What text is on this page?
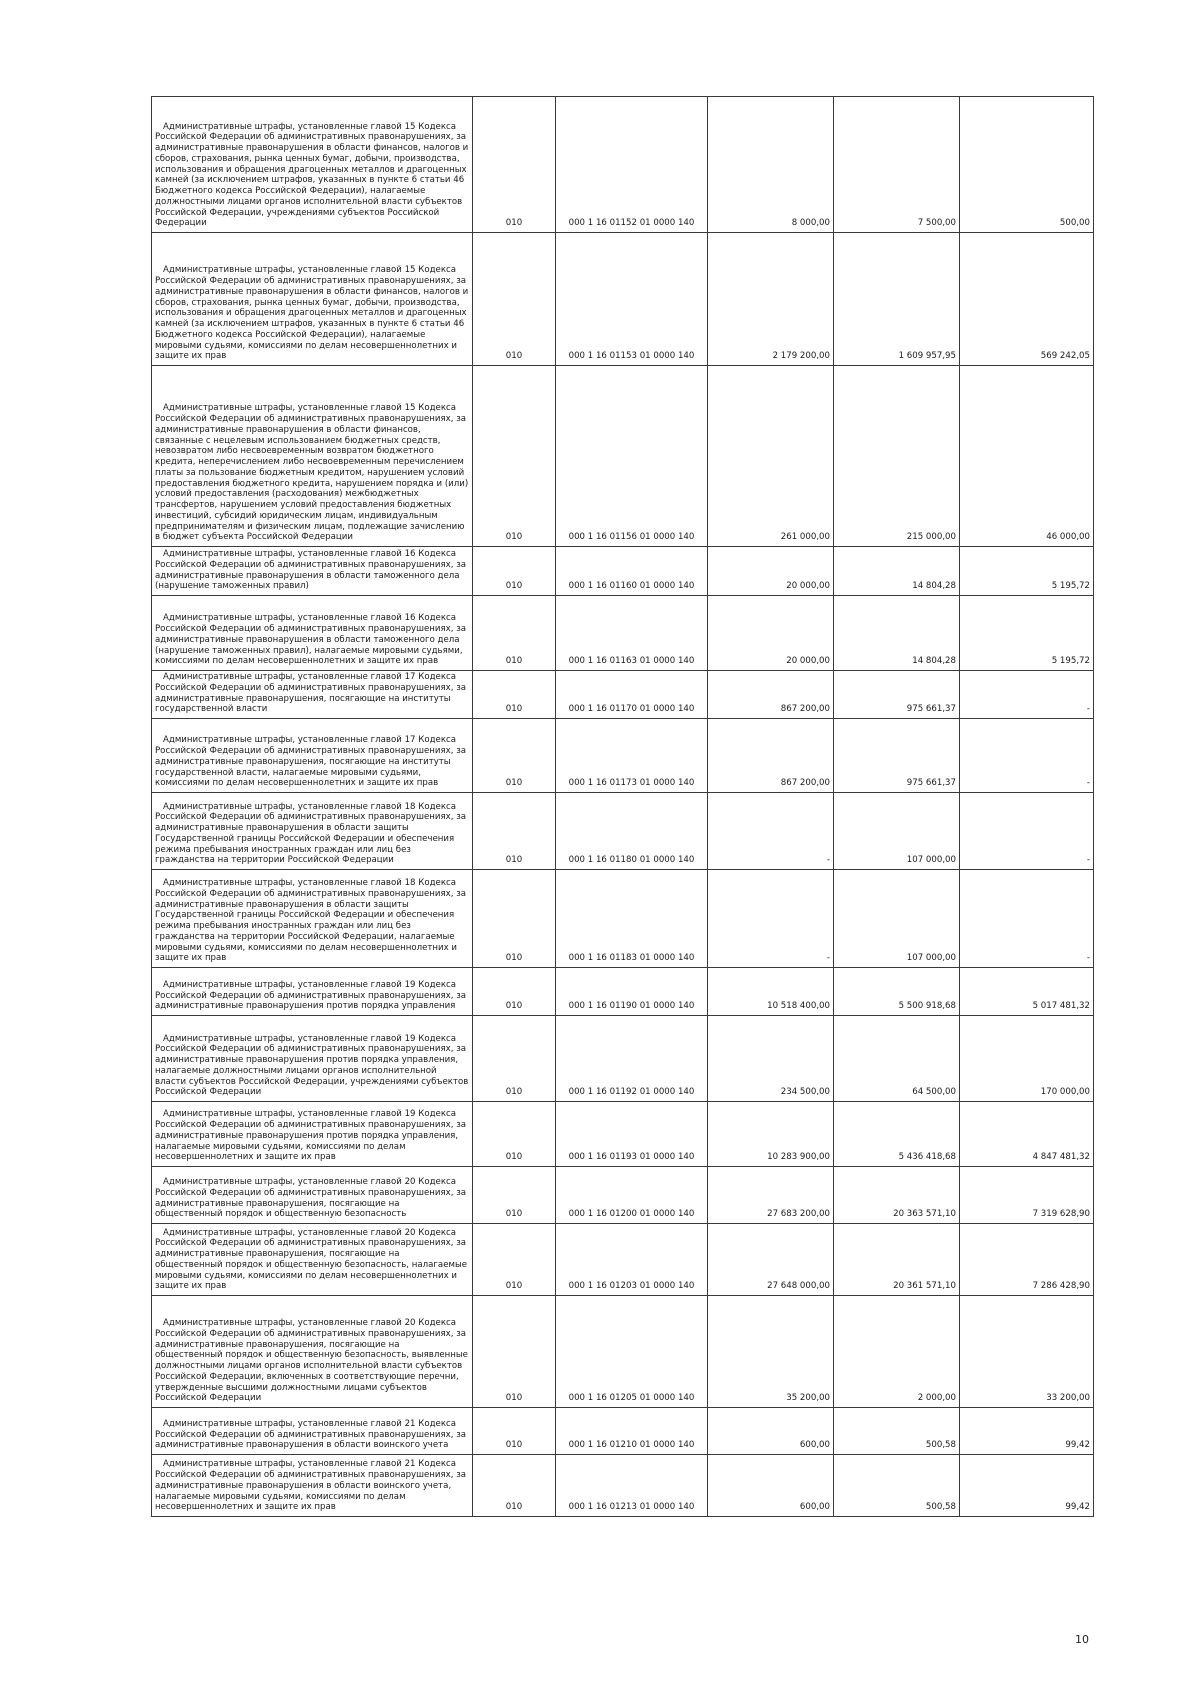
Административные штрафы, установленные главой 15 Кодекса Российской Федерации об административных правонарушениях, за административные правонарушения в области финансов, налогов и сборов, страхования, рынка ценных бумаг, добычи, производства, использования и обращения драгоценных металлов и драгоценных камней (за исключением штрафов, указанных в пункте 6 статьи 46 Бюджетного кодекса Российской Федерации), налагаемые должностными лицами органов исполнительной власти субъектов Российской Федерации, учреждениями субъектов Российской Федерации	010	000 1 16 01152 01 0000 140	8 000,00	7 500,00	500,00
Административные штрафы, установленные главой 15 Кодекса Российской Федерации об административных правонарушениях, за административные правонарушения в области финансов, налогов и сборов, страхования, рынка ценных бумаг, добычи, производства, использования и обращения драгоценных металлов и драгоценных камней (за исключением штрафов, указанных в пункте 6 статьи 46 Бюджетного кодекса Российской Федерации), налагаемые мировыми судьями, комиссиями по делам несовершеннолетних и защите их прав	010	000 1 16 01153 01 0000 140	2 179 200,00	1 609 957,95	569 242,05
Административные штрафы, установленные главой 15 Кодекса Российской Федерации об административных правонарушениях, за административные правонарушения в области финансов, связанные с нецелевым использованием бюджетных средств, невозвратом либо несвоевременным возвратом бюджетного кредита, неперечислением либо несвоевременным перечислением платы за пользование бюджетным кредитом, нарушением условий предоставления бюджетного кредита, нарушением порядка и (или) условий предоставления (расходования) межбюджетных трансфертов, нарушением условий предоставления бюджетных инвестиций, субсидий юридическим лицам, индивидуальным предпринимателям и физическим лицам, подлежащие зачислению в бюджет субъекта Российской Федерации	010	000 1 16 01156 01 0000 140	261 000,00	215 000,00	46 000,00
Административные штрафы, установленные главой 16 Кодекса Российской Федерации об административных правонарушениях, за административные правонарушения в области таможенного дела (нарушение таможенных правил)	010	000 1 16 01160 01 0000 140	20 000,00	14 804,28	5 195,72
Административные штрафы, установленные главой 16 Кодекса Российской Федерации об административных правонарушениях, за административные правонарушения в области таможенного дела (нарушение таможенных правил), налагаемые мировыми судьями, комиссиями по делам несовершеннолетних и защите их прав	010	000 1 16 01163 01 0000 140	20 000,00	14 804,28	5 195,72
Административные штрафы, установленные главой 17 Кодекса Российской Федерации об административных правонарушениях, за административные правонарушения, посягающие на институты государственной власти	010	000 1 16 01170 01 0000 140	867 200,00	975 661,37	-
Административные штрафы, установленные главой 17 Кодекса Российской Федерации об административных правонарушениях, за административные правонарушения, посягающие на институты государственной власти, налагаемые мировыми судьями, комиссиями по делам несовершеннолетних и защите их прав	010	000 1 16 01173 01 0000 140	867 200,00	975 661,37	-
Административные штрафы, установленные главой 18 Кодекса Российской Федерации об административных правонарушениях, за административные правонарушения в области защиты Государственной границы Российской Федерации и обеспечения режима пребывания иностранных граждан или лиц без гражданства на территории Российской Федерации	010	000 1 16 01180 01 0000 140	-	107 000,00	-
Административные штрафы, установленные главой 18 Кодекса Российской Федерации об административных правонарушениях, за административные правонарушения в области защиты Государственной границы Российской Федерации и обеспечения режима пребывания иностранных граждан или лиц без гражданства на территории Российской Федерации, налагаемые мировыми судьями, комиссиями по делам несовершеннолетних и защите их прав	010	000 1 16 01183 01 0000 140	-	107 000,00	-
Административные штрафы, установленные главой 19 Кодекса Российской Федерации об административных правонарушениях, за административные правонарушения против порядка управления	010	000 1 16 01190 01 0000 140	10 518 400,00	5 500 918,68	5 017 481,32
Административные штрафы, установленные главой 19 Кодекса Российской Федерации об административных правонарушениях, за административные правонарушения против порядка управления, налагаемые должностными лицами органов исполнительной власти субъектов Российской Федерации, учреждениями субъектов Российской Федерации	010	000 1 16 01192 01 0000 140	234 500,00	64 500,00	170 000,00
Административные штрафы, установленные главой 19 Кодекса Российской Федерации об административных правонарушениях, за административные правонарушения против порядка управления, налагаемые мировыми судьями, комиссиями по делам несовершеннолетних и защите их прав	010	000 1 16 01193 01 0000 140	10 283 900,00	5 436 418,68	4 847 481,32
Административные штрафы, установленные главой 20 Кодекса Российской Федерации об административных правонарушениях, за административные правонарушения, посягающие на общественный порядок и общественную безопасность	010	000 1 16 01200 01 0000 140	27 683 200,00	20 363 571,10	7 319 628,90
Административные штрафы, установленные главой 20 Кодекса Российской Федерации об административных правонарушениях, за административные правонарушения, посягающие на общественный порядок и общественную безопасность, налагаемые мировыми судьями, комиссиями по делам несовершеннолетних и защите их прав	010	000 1 16 01203 01 0000 140	27 648 000,00	20 361 571,10	7 286 428,90
Административные штрафы, установленные главой 20 Кодекса Российской Федерации об административных правонарушениях, за административные правонарушения, посягающие на общественный порядок и общественную безопасность, выявленные должностными лицами органов исполнительной власти субъектов Российской Федерации, включенных в соответствующие перечни, утвержденные высшими должностными лицами субъектов Российской Федерации	010	000 1 16 01205 01 0000 140	35 200,00	2 000,00	33 200,00
Административные штрафы, установленные главой 21 Кодекса Российской Федерации об административных правонарушениях, за административные правонарушения в области воинского учета	010	000 1 16 01210 01 0000 140	600,00	500,58	99,42
Административные штрафы, установленные главой 21 Кодекса Российской Федерации об административных правонарушениях, за административные правонарушения в области воинского учета, налагаемые мировыми судьями, комиссиями по делам несовершеннолетних и защите их прав	010	000 1 16 01213 01 0000 140	600,00	500,58	99,42
10
